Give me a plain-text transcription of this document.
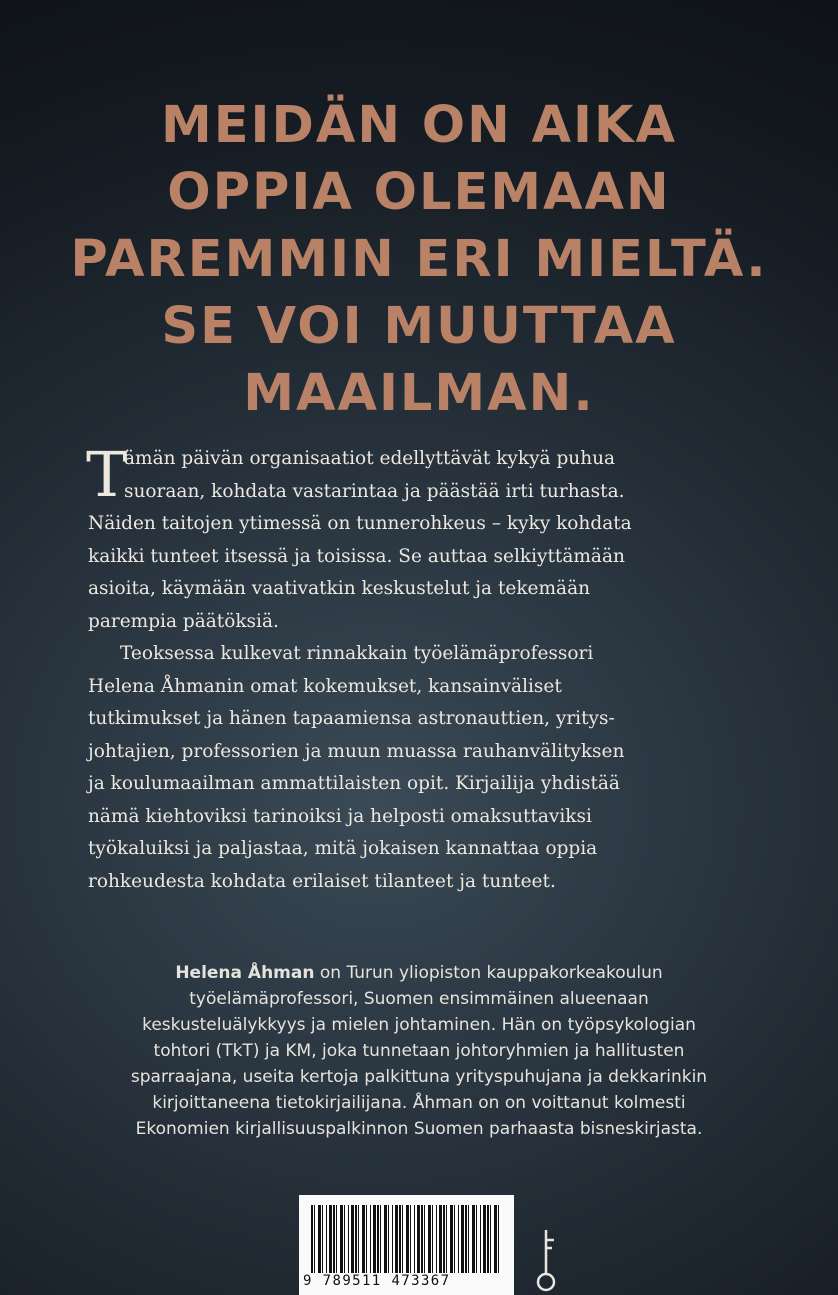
MEIDÄN ON AIKA
OPPIA OLEMAAN
PAREMMIN ERI MIELTÄ.
SE VOI MUUTTAA
MAAILMAN.
T

ämän päivän organisaatiot edellyttävät kykyä puhua

suoraan, kohdata vastarintaa ja päästää irti turhasta.

Näiden taitojen ytimessä on tunnerohkeus – kyky kohdata

kaikki tunteet itsessä ja toisissa. Se auttaa selkiyttämään

asioita, käymään vaativatkin keskustelut ja tekemään

parempia päätöksiä.

Teoksessa kulkevat rinnakkain työelämäprofessori

Helena Åhmanin omat kokemukset, kansainväliset

tutkimukset ja hänen tapaamiensa astronauttien, yritys-

johtajien, professorien ja muun muassa rauhanvälityksen

ja koulumaailman ammattilaisten opit. Kirjailija yhdistää

nämä kiehtoviksi tarinoiksi ja helposti omaksuttaviksi

työkaluiksi ja paljastaa, mitä jokaisen kannattaa oppia

rohkeudesta kohdata erilaiset tilanteet ja tunteet.

Helena Åhman on Turun yliopiston kauppakorkeakoulun
työelämäprofessori, Suomen ensimmäinen alueenaan
keskusteluälykkyys ja mielen johtaminen. Hän on työpsykologian
tohtori (TkT) ja KM, joka tunnetaan johtoryhmien ja hallitusten
sparraajana, useita kertoja palkittuna yrityspuhujana ja dekkarinkin
kirjoittaneena tietokirjailijana. Åhman on on voittanut kolmesti
Ekonomien kirjallisuuspalkinnon Suomen parhaasta bisneskirjasta.
9 789511 473367
